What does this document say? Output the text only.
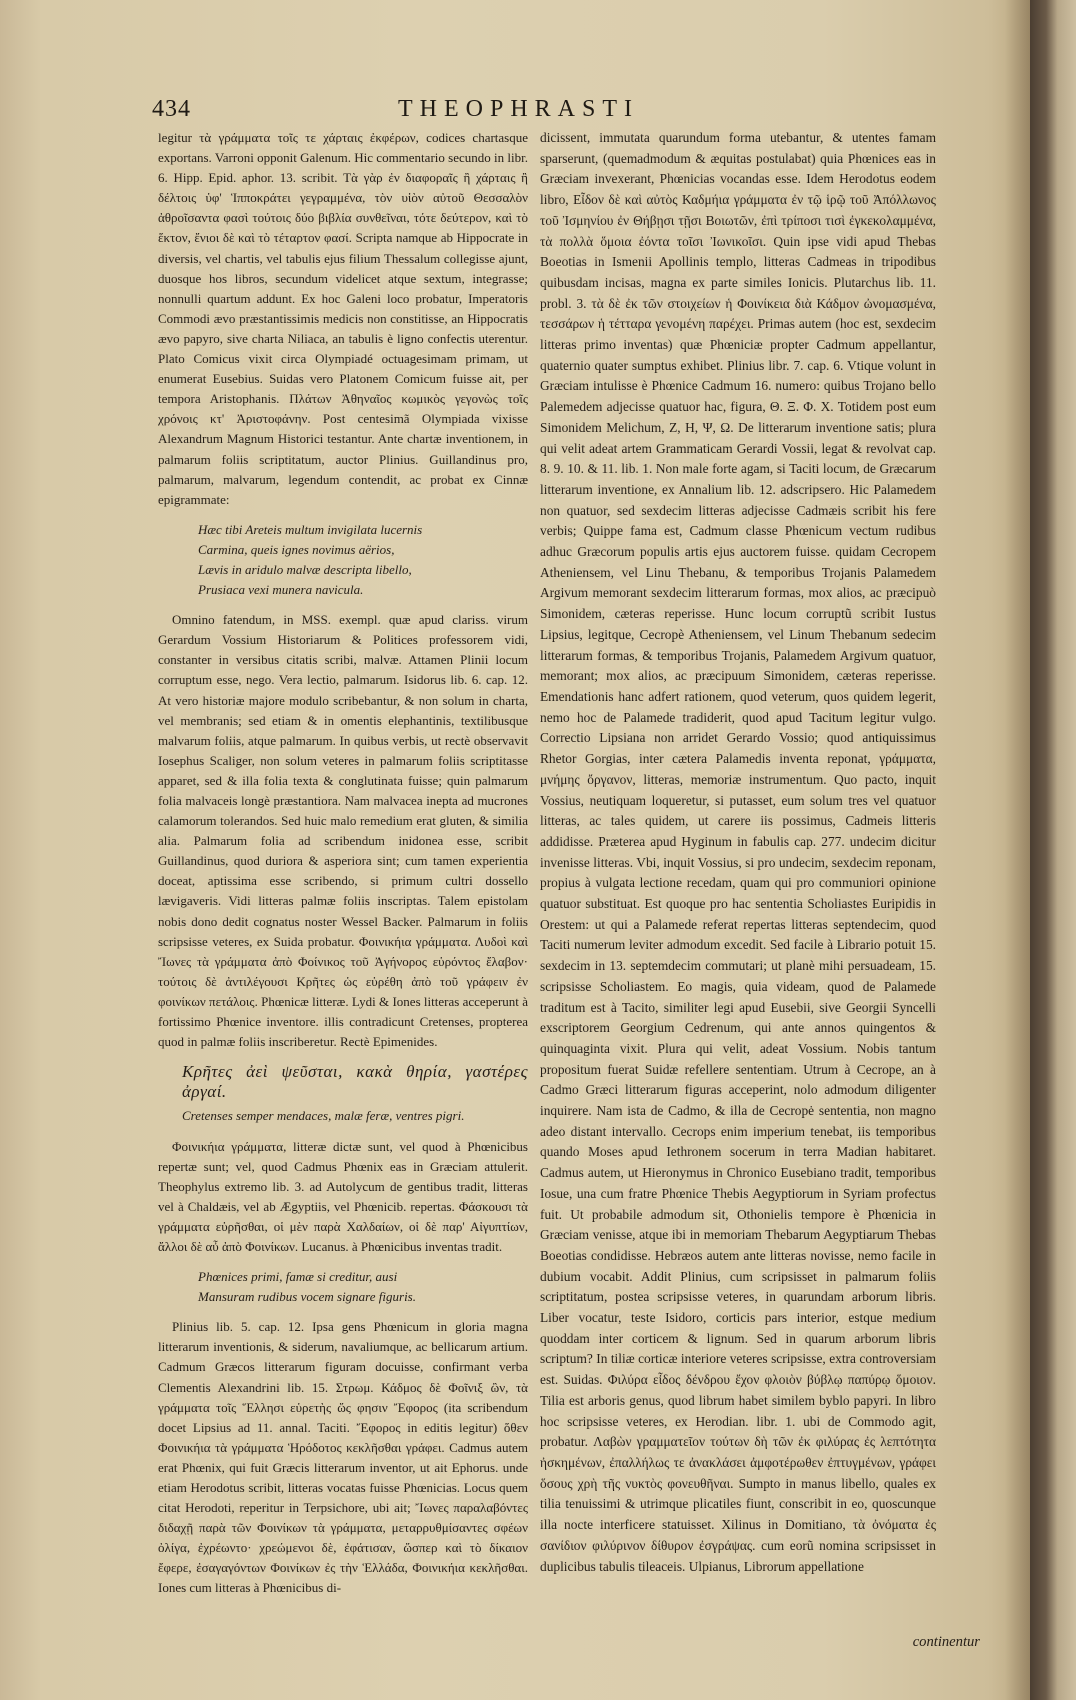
434	THEOPHRASTI

legitur τὰ γράμματα τοῖς τε χάρταις ἐκφέρων, codices chartasque exportans. Varroni opponit Galenum. Hic commentario secundo in libr. 6. Hipp. Epid. aphor. 13. scribit. Τὰ γὰρ ἐν διαφοραῖς ἢ χάρταις ἢ δέλτοις ὑφ' Ἱπποκράτει γεγραμμένα, τὸν υἱὸν αὐτοῦ Θεσσαλὸν ἀθροῖσαντα φασὶ τούτοις δύο βιβλία συνθεῖναι, τότε δεύτερον, καὶ τὸ ἕκτον, ἔνιοι δὲ καὶ τὸ τέταρτον φασί. Scripta namque ab Hippocrate in diversis, vel chartis, vel tabulis ejus filium Thessalum collegisse ajunt, duosque hos libros, secundum videlicet atque sextum, integrasse; nonnulli quartum addunt. Ex hoc Galeni loco probatur, Imperatoris Commodi ævo præstantissimis medicis non constitisse, an Hippocratis ævo papyro, sive charta Niliaca, an tabulis è ligno confectis uterentur. Plato Comicus vixit circa Olympiadé octuagesimam primam, ut enumerat Eusebius. Suidas vero Platonem Comicum fuisse ait, per tempora Aristophanis. Πλάτων Ἀθηναῖος κωμικὸς γεγονὼς τοῖς χρόνοις κτ' Ἀριστοφάνην. Post centesimã Olympiada vixisse Alexandrum Magnum Historici testantur. Ante chartæ inventionem, in palmarum foliis scriptitatum, auctor Plinius. Guillandinus pro, palmarum, malvarum, legendum contendit, ac probat ex Cinnæ epigrammate:

Hæc tibi Areteis multum invigilata lucernis
Carmina, queis ignes novimus aërios,
Lævis in aridulo malvæ descripta libello,
Prusiaca vexi munera navicula.

Omnino fatendum, in MSS. exempl. quæ apud clariss. virum Gerardum Vossium Historiarum & Politices professorem vidi, constanter in versibus citatis scribi, malvæ. Attamen Plinii locum corruptum esse, nego. Vera lectio, palmarum. Isidorus lib. 6. cap. 12. At vero historiæ majore modulo scribebantur, & non solum in charta, vel membranis; sed etiam & in omentis elephantinis, textilibusque malvarum foliis, atque palmarum. In quibus verbis, ut rectè observavit Iosephus Scaliger, non solum veteres in palmarum foliis scriptitasse apparet, sed & illa folia texta & conglutinata fuisse; quin palmarum folia malvaceis longè præstantiora. Nam malvacea inepta ad mucrones calamorum tolerandos. Sed huic malo remedium erat gluten, & similia alia. Palmarum folia ad scribendum inidonea esse, scribit Guillandinus, quod duriora & asperiora sint; cum tamen experientia doceat, aptissima esse scribendo, si primum cultri dossello lævigaveris. Vidi litteras palmæ foliis inscriptas. Talem epistolam nobis dono dedit cognatus noster Wessel Backer. Palmarum in foliis scripsisse veteres, ex Suida probatur. Φοινικήια γράμματα. Λυδοὶ καὶ Ἴωνες τὰ γράμματα ἀπὸ Φοίνικος τοῦ Ἀγήνορος εὑρόντος ἔλαβον· τούτοις δὲ ἀντιλέγουσι Κρῆτες ὡς εὑρέθη ἀπὸ τοῦ γράφειν ἐν φοινίκων πετάλοις. Phœnicæ litteræ. Lydi & Iones litteras acceperunt à fortissimo Phœnice inventore. illis contradicunt Cretenses, propterea quod in palmæ foliis inscriberetur. Rectè Epimenides.

Κρῆτες ἀεὶ ψεῦσται, κακὰ θηρία, γαστέρες ἀργαί.
Cretenses semper mendaces, malæ feræ, ventres pigri.

Φοινικήια γράμματα, litteræ dictæ sunt, vel quod à Phœnicibus repertæ sunt; vel, quod Cadmus Phœnix eas in Græciam attulerit. Theophylus extremo lib. 3. ad Autolycum de gentibus tradit, litteras vel à Chaldæis, vel ab Ægyptiis, vel Phœnicib. repertas. Φάσκουσι τὰ γράμματα εὑρῆσθαι, οἱ μὲν παρὰ Χαλδαίων, οἱ δὲ παρ' Αἰγυπτίων, ἄλλοι δὲ αὖ ἀπὸ Φοινίκων. Lucanus. à Phœnicibus inventas tradit.

Phœnices primi, famæ si creditur, ausi
Mansuram rudibus vocem signare figuris.

Plinius lib. 5. cap. 12. Ipsa gens Phœnicum in gloria magna litterarum inventionis, & siderum, navaliumque, ac bellicarum artium. Cadmum Græcos litterarum figuram docuisse, confirmant verba Clementis Alexandrini lib. 15. Στρωμ. Κάδμος δὲ Φοῖνιξ ὢν, τὰ γράμματα τοῖς Ἕλλησι εὑρετὴς ὥς φησιν Ἔφορος (ita scribendum docet Lipsius ad 11. annal. Taciti. Ἔφορος in editis legitur) ὅθεν Φοινικήια τὰ γράμματα Ἡρόδοτος κεκλῆσθαι γράφει. Cadmus autem erat Phœnix, qui fuit Græcis litterarum inventor, ut ait Ephorus. unde etiam Herodotus scribit, litteras vocatas fuisse Phœnicias. Locus quem citat Herodoti, reperitur in Terpsichore, ubi ait; Ἴωνες παραλαβόντες διδαχῇ παρὰ τῶν Φοινίκων τὰ γράμματα, μεταρρυθμίσαντες σφέων ὀλίγα, ἐχρέωντο· χρεώμενοι δὲ, ἐφάτισαν, ὥσπερ καὶ τὸ δίκαιον ἔφερε, ἐσαγαγόντων Φοινίκων ἐς τὴν Ἑλλάδα, Φοινικήια κεκλῆσθαι. Iones cum litteras à Phœnicibus di-

dicissent, immutata quarundum forma utebantur, & utentes famam sparserunt, (quemadmodum & æquitas postulabat) quia Phœnices eas in Græciam invexerant, Phœnicias vocandas esse. Idem Herodotus eodem libro, Εἶδον δὲ καὶ αὐτὸς Καδμήια γράμματα ἐν τῷ ἱρῷ τοῦ Ἀπόλλωνος τοῦ Ἰσμηνίου ἐν Θήβῃσι τῇσι Βοιωτῶν, ἐπὶ τρίποσι τισὶ ἐγκεκολαμμένα, τὰ πολλὰ ὅμοια ἐόντα τοῖσι Ἰωνικοῖσι. Quin ipse vidi apud Thebas Boeotias in Ismenii Apollinis templo, litteras Cadmeas in tripodibus quibusdam incisas, magna ex parte similes Ionicis. Plutarchus lib. 11. probl. 3. τὰ δὲ ἐκ τῶν στοιχείων ἡ Φοινίκεια διὰ Κάδμον ὠνομασμένα, τεσσάρων ἡ τέτταρα γενομένη παρέχει. Primas autem (hoc est, sexdecim litteras primo inventas) quæ Phœniciæ propter Cadmum appellantur, quaternio quater sumptus exhibet. Plinius libr. 7. cap. 6. Vtique volunt in Græciam intulisse è Phœnice Cadmum 16. numero: quibus Trojano bello Palemedem adjecisse quatuor hac, figura, Θ. Ξ. Φ. Χ. Totidem post eum Simonidem Melichum, Ζ, Η, Ψ, Ω. De litterarum inventione satis; plura qui velit adeat artem Grammaticam Gerardi Vossii, legat & revolvat cap. 8. 9. 10. & 11. lib. 1. Non male forte agam, si Taciti locum, de Græcarum litterarum inventione, ex Annalium lib. 12. adscripsero. Hic Palamedem non quatuor, sed sexdecim litteras adjecisse Cadmæis scribit his fere verbis; Quippe fama est, Cadmum classe Phœnicum vectum rudibus adhuc Græcorum populis artis ejus auctorem fuisse. quidam Cecropem Atheniensem, vel Linu Thebanu, & temporibus Trojanis Palamedem Argivum memorant sexdecim litterarum formas, mox alios, ac præcipuò Simonidem, cæteras reperisse. Hunc locum corruptũ scribit Iustus Lipsius, legitque, Cecropè Atheniensem, vel Linum Thebanum sedecim litterarum formas, & temporibus Trojanis, Palamedem Argivum quatuor, memorant; mox alios, ac præcipuum Simonidem, cæteras reperisse. Emendationis hanc adfert rationem, quod veterum, quos quidem legerit, nemo hoc de Palamede tradiderit, quod apud Tacitum legitur vulgo. Correctio Lipsiana non arridet Gerardo Vossio; quod antiquissimus Rhetor Gorgias, inter cætera Palamedis inventa reponat, γράμματα, μνήμης ὄργανον, litteras, memoriæ instrumentum. Quo pacto, inquit Vossius, neutiquam loqueretur, si putasset, eum solum tres vel quatuor litteras, ac tales quidem, ut carere iis possimus, Cadmeis litteris addidisse. Præterea apud Hyginum in fabulis cap. 277. undecim dicitur invenisse litteras. Vbi, inquit Vossius, si pro undecim, sexdecim reponam, propius à vulgata lectione recedam, quam qui pro communiori opinione quatuor substituat. Est quoque pro hac sententia Scholiastes Euripidis in Orestem: ut qui a Palamede referat repertas litteras septendecim, quod Taciti numerum leviter admodum excedit. Sed facile à Librario potuit 15. sexdecim in 13. septemdecim commutari; ut planè mihi persuadeam, 15. scripsisse Scholiastem. Eo magis, quia videam, quod de Palamede traditum est à Tacito, similiter legi apud Eusebii, sive Georgii Syncelli exscriptorem Georgium Cedrenum, qui ante annos quingentos & quinquaginta vixit. Plura qui velit, adeat Vossium. Nobis tantum propositum fuerat Suidæ refellere sententiam. Utrum à Cecrope, an à Cadmo Græci litterarum figuras acceperint, nolo admodum diligenter inquirere. Nam ista de Cadmo, & illa de Cecropė sententia, non magno adeo distant intervallo. Cecrops enim imperium tenebat, iis temporibus quando Moses apud Iethronem socerum in terra Madian habitaret. Cadmus autem, ut Hieronymus in Chronico Eusebiano tradit, temporibus Iosue, una cum fratre Phœnice Thebis Aegyptiorum in Syriam profectus fuit. Ut probabile admodum sit, Othonielis tempore è Phœnicia in Græciam venisse, atque ibi in memoriam Thebarum Aegyptiarum Thebas Boeotias condidisse. Hebræos autem ante litteras novisse, nemo facile in dubium vocabit. Addit Plinius, cum scripsisset in palmarum foliis scriptitatum, postea scripsisse veteres, in quarundam arborum libris. Liber vocatur, teste Isidoro, corticis pars interior, estque medium quoddam inter corticem & lignum. Sed in quarum arborum libris scriptum? In tiliæ corticæ interiore veteres scripsisse, extra controversiam est. Suidas. Φιλύρα εἶδος δένδρου ἔχον φλοιὸν βύβλῳ παπύρῳ ὅμοιον. Tilia est arboris genus, quod librum habet similem byblo papyri. In libro hoc scripsisse veteres, ex Herodian. libr. 1. ubi de Commodo agit, probatur. Λαβὼν γραμματεῖον τούτων δὴ τῶν ἐκ φιλύρας ἐς λεπτότητα ἠσκημένων, ἐπαλλήλως τε ἀνακλάσει ἀμφοτέρωθεν ἐπτυγμένων, γράφει ὅσους χρὴ τῆς νυκτὸς φονευθῆναι. Sumpto in manus libello, quales ex tilia tenuissimi & utrimque plicatiles fiunt, conscribit in eo, quoscunque illa nocte interficere statuisset. Xilinus in Domitiano, τὰ ὀνόματα ἐς σανίδιον φιλύρινον δίθυρον ἐσγράψας. cum eorũ nomina scripsisset in duplicibus tabulis tileaceis. Ulpianus, Librorum appellatione

continentur
